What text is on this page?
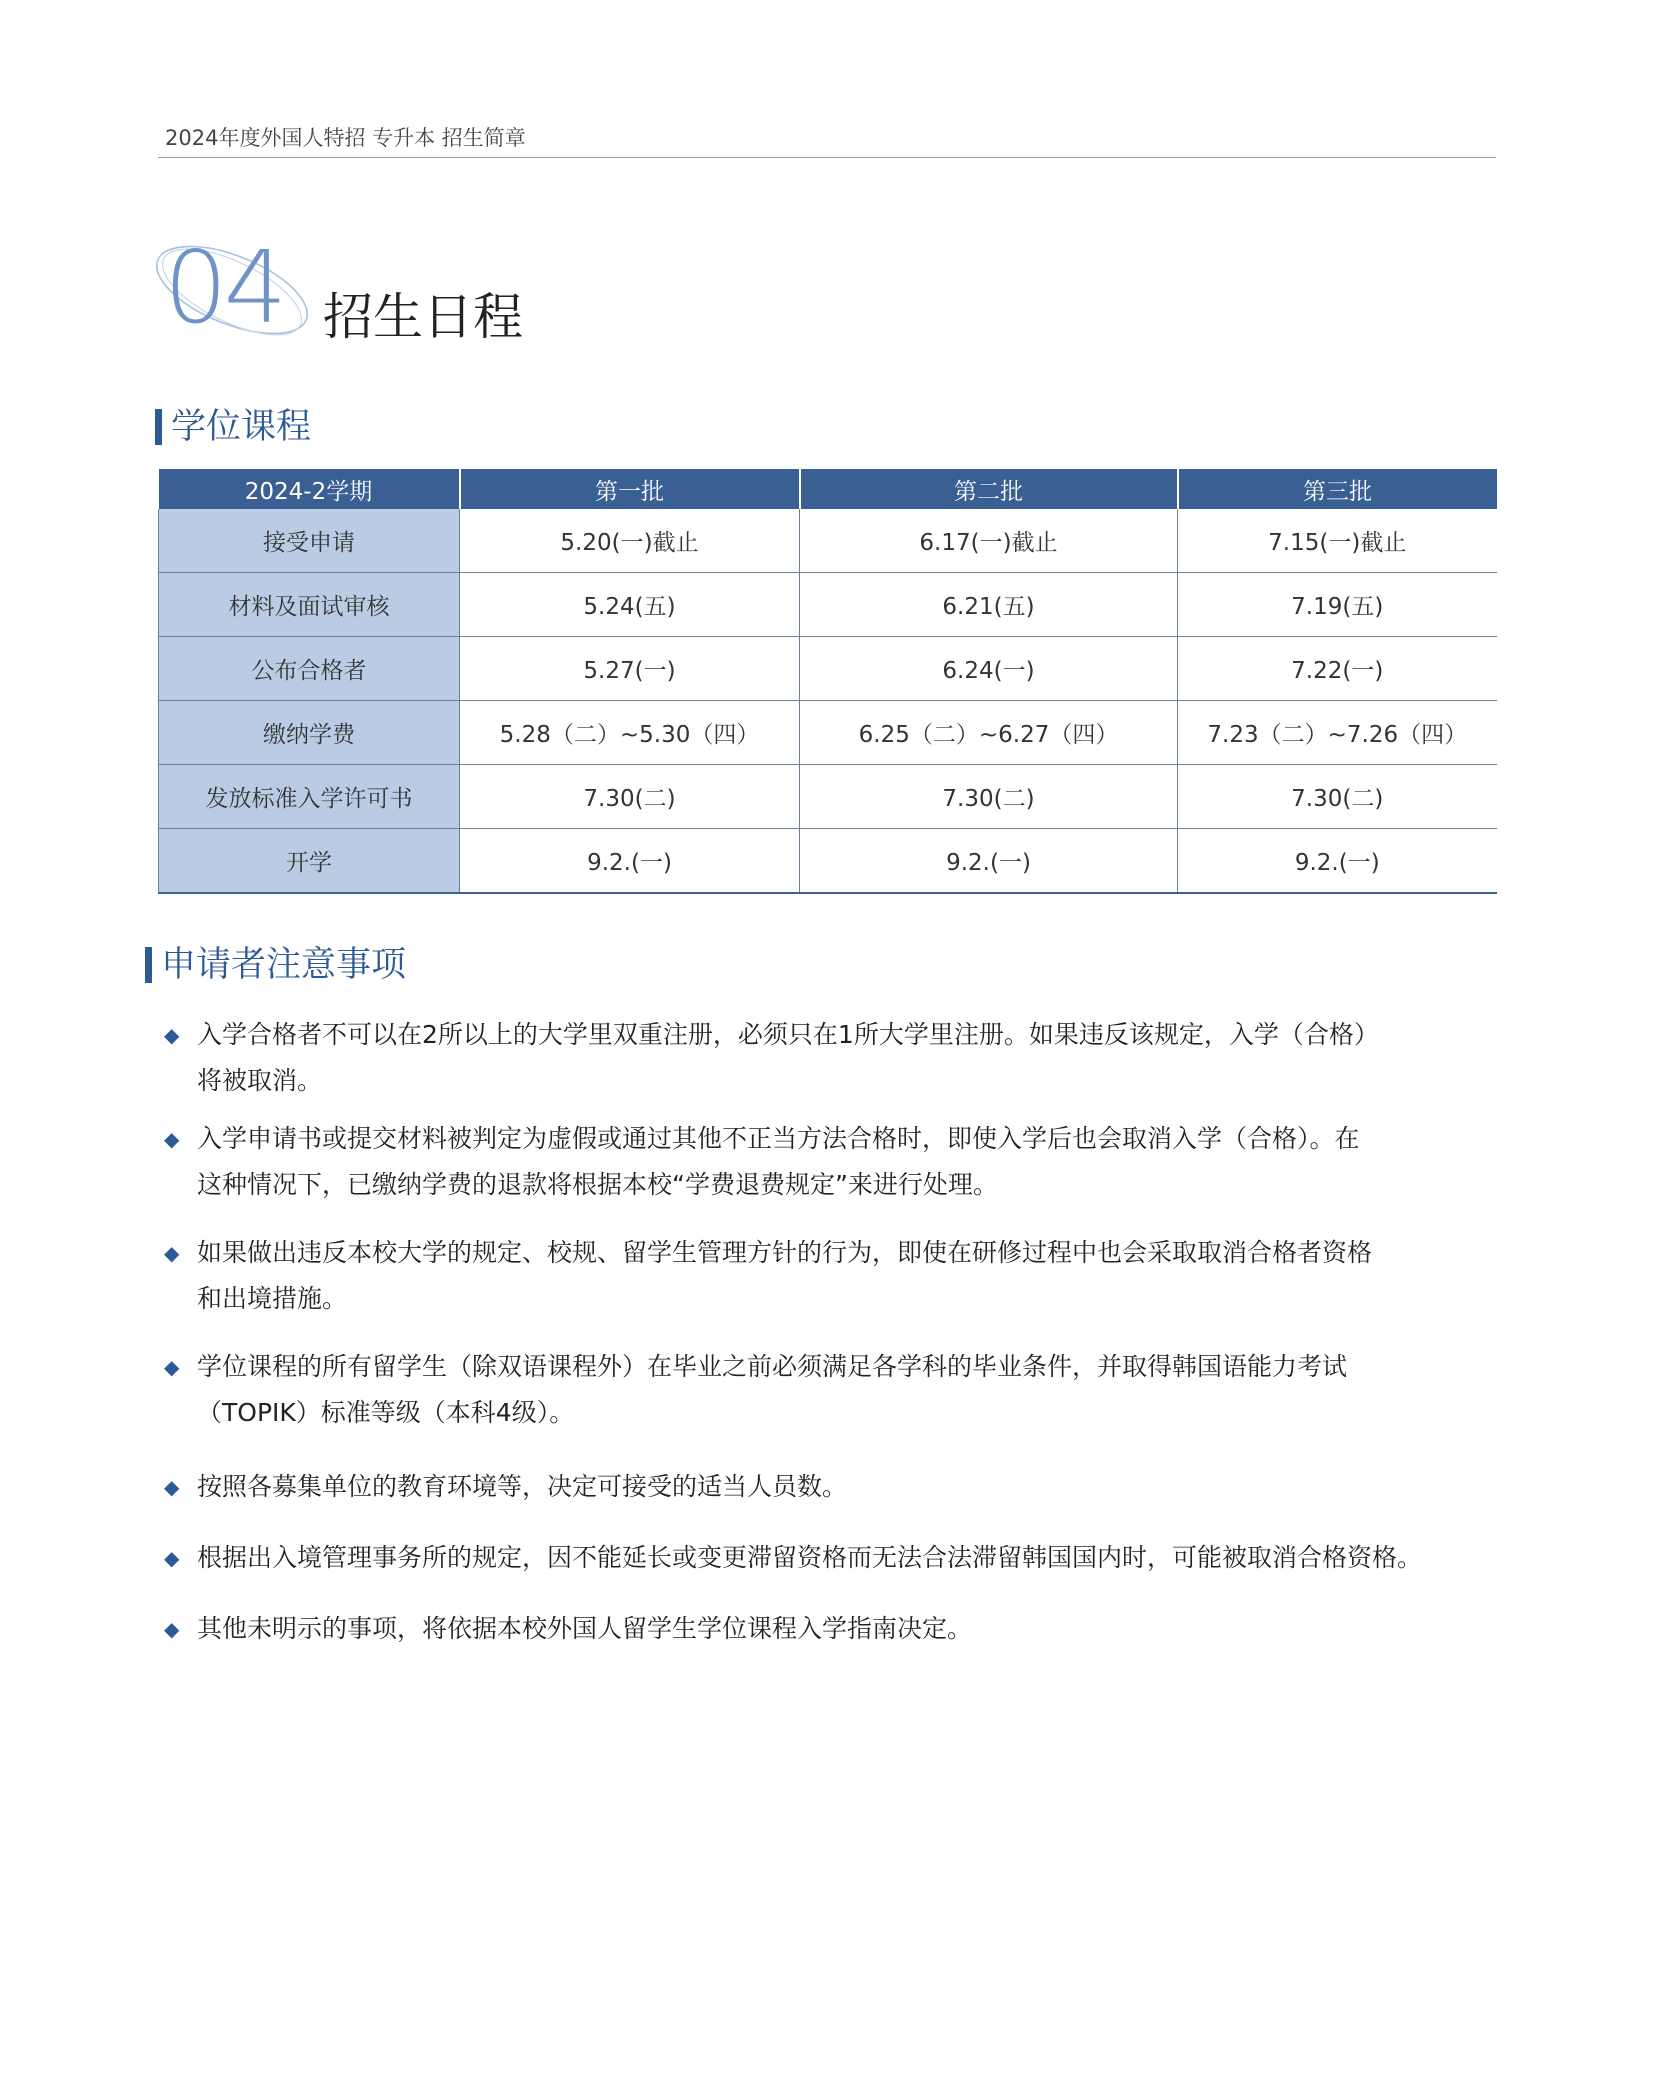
2024年度外国人特招 专升本 招生简章
04 招生日程
学位课程
2024-2学期	第一批	第二批	第三批
接受申请	5.20(一)截止	6.17(一)截止	7.15(一)截止
材料及面试审核	5.24(五)	6.21(五)	7.19(五)
公布合格者	5.27(一)	6.24(一)	7.22(一)
缴纳学费	5.28（二）~5.30（四）	6.25（二）~6.27（四）	7.23（二）~7.26（四）
发放标准入学许可书	7.30(二)	7.30(二)	7.30(二)
开学	9.2.(一)	9.2.(一)	9.2.(一)
申请者注意事项
◆ 入学合格者不可以在2所以上的大学里双重注册，必须只在1所大学里注册。如果违反该规定，入学（合格）
将被取消。
◆ 入学申请书或提交材料被判定为虚假或通过其他不正当方法合格时，即使入学后也会取消入学（合格）。在
这种情况下，已缴纳学费的退款将根据本校“学费退费规定”来进行处理。
◆ 如果做出违反本校大学的规定、校规、留学生管理方针的行为，即使在研修过程中也会采取取消合格者资格
和出境措施。
◆ 学位课程的所有留学生（除双语课程外）在毕业之前必须满足各学科的毕业条件，并取得韩国语能力考试
（TOPIK）标准等级（本科4级）。
◆ 按照各募集单位的教育环境等，决定可接受的适当人员数。
◆ 根据出入境管理事务所的规定，因不能延长或变更滞留资格而无法合法滞留韩国国内时，可能被取消合格资格。
◆ 其他未明示的事项，将依据本校外国人留学生学位课程入学指南决定。
